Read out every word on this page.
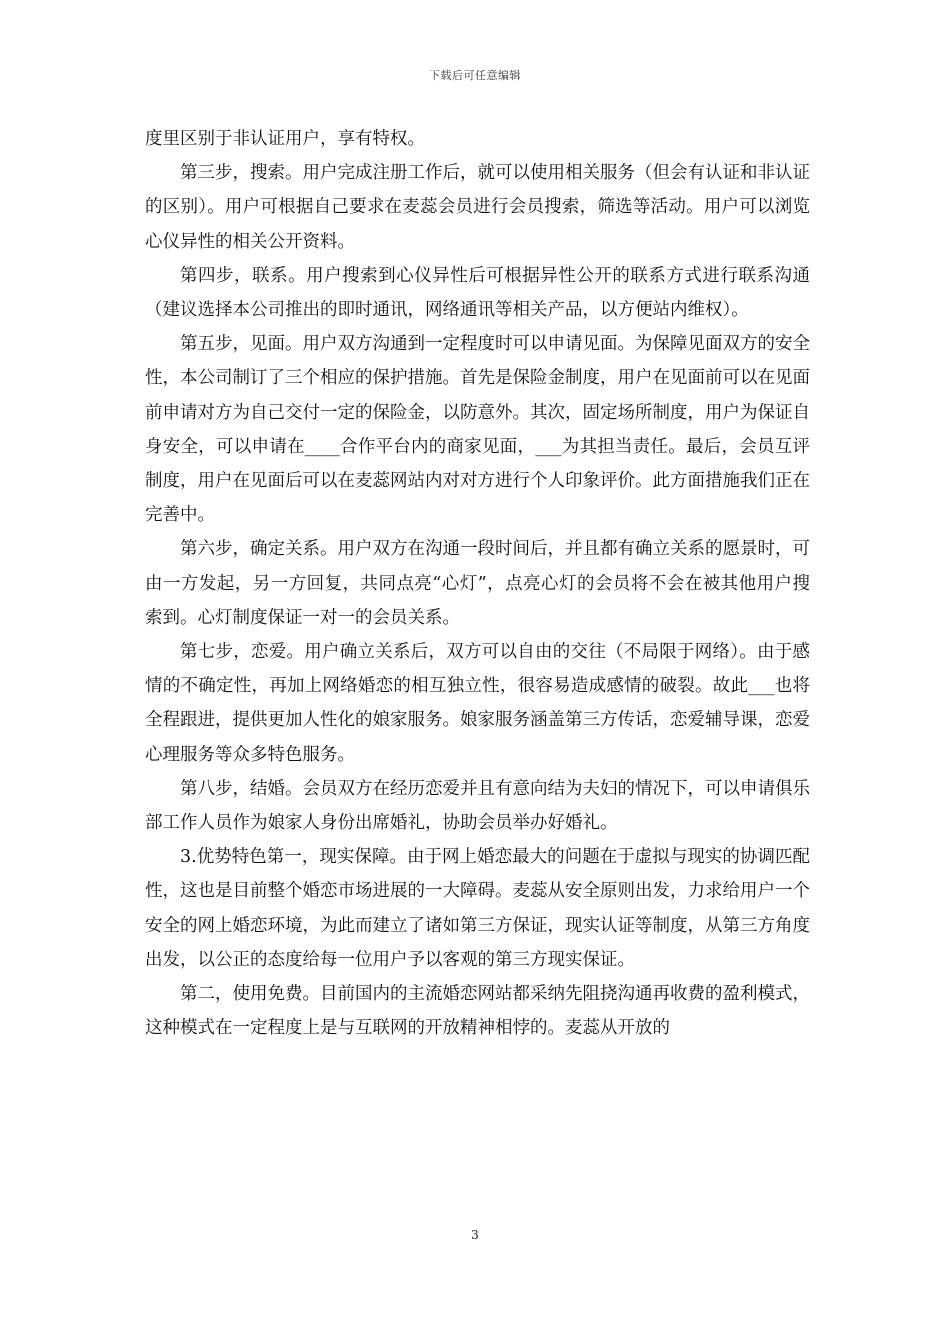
下载后可任意编辑

度里区别于非认证用户，享有特权。

第三步，搜索。用户完成注册工作后，就可以使用相关服务（但会有认证和非认证的区别）。用户可根据自己要求在麦蕊会员进行会员搜索，筛选等活动。用户可以浏览心仪异性的相关公开资料。

第四步，联系。用户搜索到心仪异性后可根据异性公开的联系方式进行联系沟通（建议选择本公司推出的即时通讯，网络通讯等相关产品，以方便站内维权）。

第五步，见面。用户双方沟通到一定程度时可以申请见面。为保障见面双方的安全性，本公司制订了三个相应的保护措施。首先是保险金制度，用户在见面前可以在见面前申请对方为自己交付一定的保险金，以防意外。其次，固定场所制度，用户为保证自身安全，可以申请在____合作平台内的商家见面，___为其担当责任。最后，会员互评制度，用户在见面后可以在麦蕊网站内对对方进行个人印象评价。此方面措施我们正在完善中。

第六步，确定关系。用户双方在沟通一段时间后，并且都有确立关系的愿景时，可由一方发起，另一方回复，共同点亮“心灯”，点亮心灯的会员将不会在被其他用户搜索到。心灯制度保证一对一的会员关系。

第七步，恋爱。用户确立关系后，双方可以自由的交往（不局限于网络）。由于感情的不确定性，再加上网络婚恋的相互独立性，很容易造成感情的破裂。故此___也将全程跟进，提供更加人性化的娘家服务。娘家服务涵盖第三方传话，恋爱辅导课，恋爱心理服务等众多特色服务。

第八步，结婚。会员双方在经历恋爱并且有意向结为夫妇的情况下，可以申请俱乐部工作人员作为娘家人身份出席婚礼，协助会员举办好婚礼。

3.优势特色第一，现实保障。由于网上婚恋最大的问题在于虚拟与现实的协调匹配性，这也是目前整个婚恋市场进展的一大障碍。麦蕊从安全原则出发，力求给用户一个安全的网上婚恋环境，为此而建立了诸如第三方保证，现实认证等制度，从第三方角度出发，以公正的态度给每一位用户予以客观的第三方现实保证。

第二，使用免费。目前国内的主流婚恋网站都采纳先阻挠沟通再收费的盈利模式，这种模式在一定程度上是与互联网的开放精神相悖的。麦蕊从开放的

3
